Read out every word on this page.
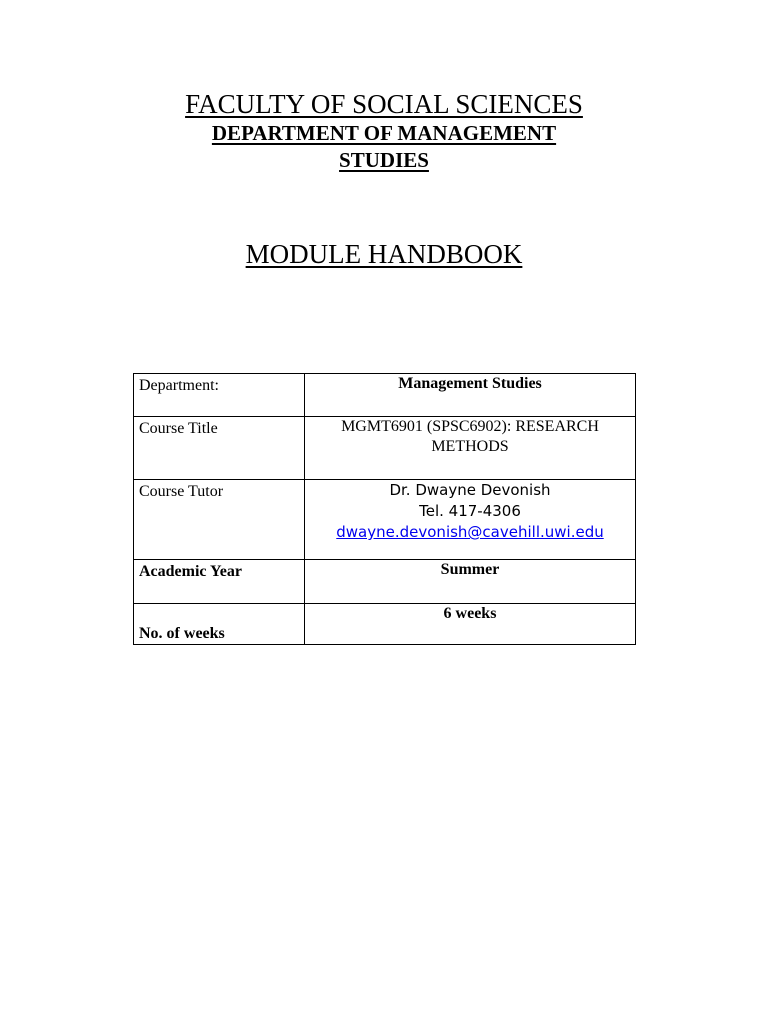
FACULTY OF SOCIAL SCIENCES
DEPARTMENT OF MANAGEMENT
STUDIES
MODULE HANDBOOK
Department:	Management Studies
Course Title	MGMT6901 (SPSC6902): RESEARCH METHODS
Course Tutor	Dr. Dwayne Devonish
Tel. 417-4306
dwayne.devonish@cavehill.uwi.edu

Academic Year	Summer
No. of weeks	6 weeks
